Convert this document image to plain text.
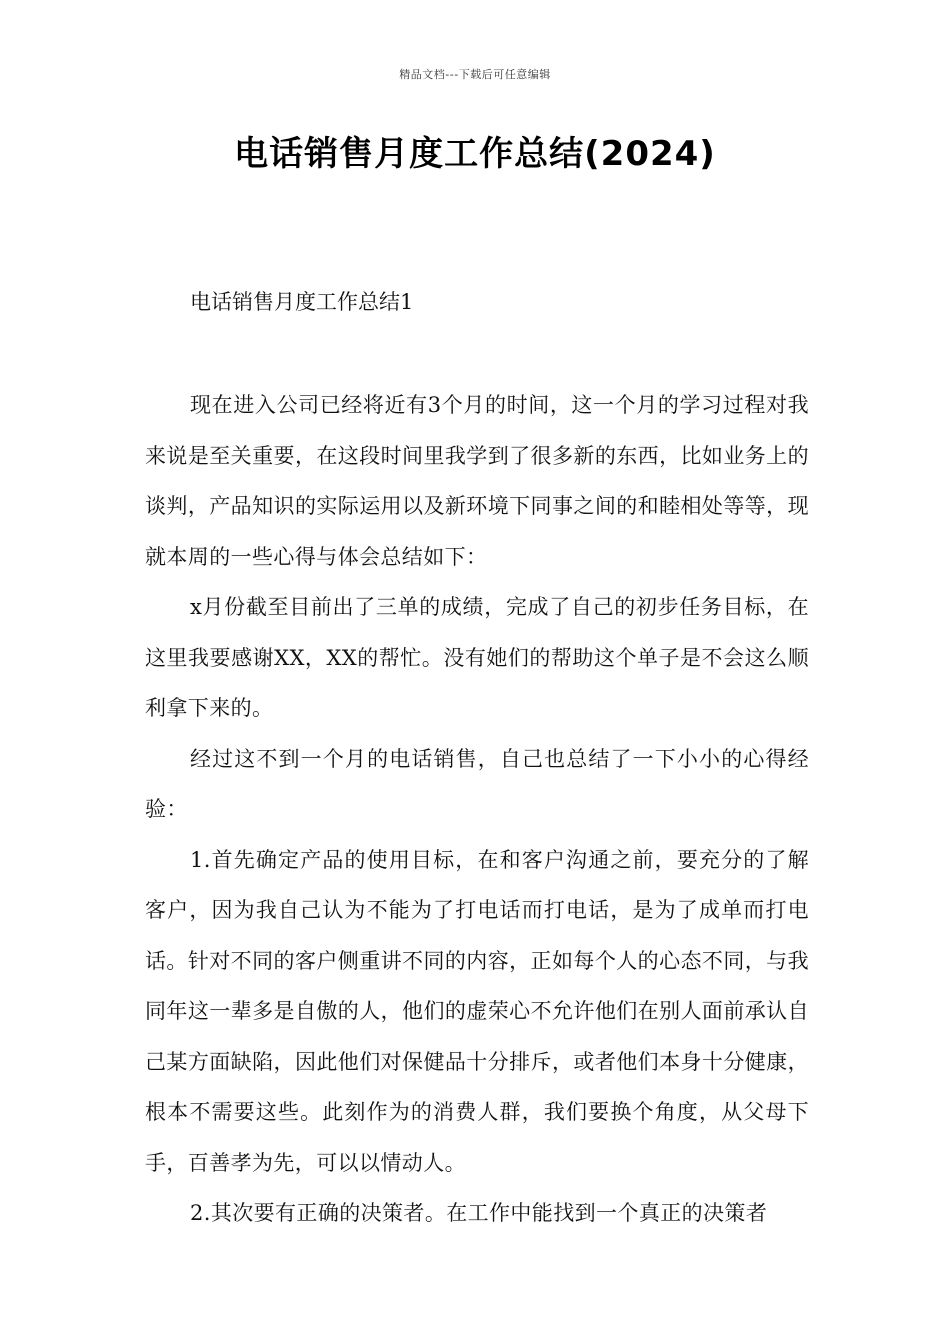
精品文档---下载后可任意编辑
电话销售月度工作总结(2024)
电话销售月度工作总结1

现在进入公司已经将近有3个月的时间，这一个月的学习过程对我来说是至关重要，在这段时间里我学到了很多新的东西，比如业务上的谈判，产品知识的实际运用以及新环境下同事之间的和睦相处等等，现就本周的一些心得与体会总结如下：

x月份截至目前出了三单的成绩，完成了自己的初步任务目标，在这里我要感谢XX，XX的帮忙。没有她们的帮助这个单子是不会这么顺利拿下来的。

经过这不到一个月的电话销售，自己也总结了一下小小的心得经验：

1.首先确定产品的使用目标，在和客户沟通之前，要充分的了解客户，因为我自己认为不能为了打电话而打电话，是为了成单而打电话。针对不同的客户侧重讲不同的内容，正如每个人的心态不同，与我同年这一辈多是自傲的人，他们的虚荣心不允许他们在别人面前承认自己某方面缺陷，因此他们对保健品十分排斥，或者他们本身十分健康，根本不需要这些。此刻作为的消费人群，我们要换个角度，从父母下手，百善孝为先，可以以情动人。

2.其次要有正确的决策者。在工作中能找到一个真正的决策者
